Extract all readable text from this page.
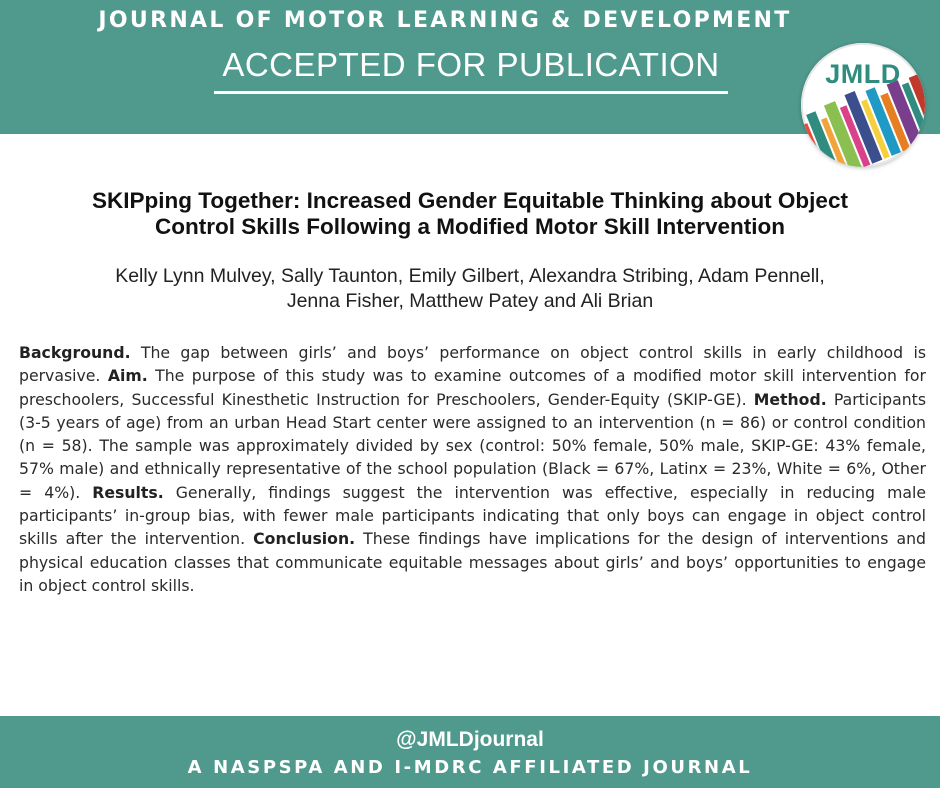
JOURNAL OF MOTOR LEARNING & DEVELOPMENT
ACCEPTED FOR PUBLICATION	JMLD
SKIPping Together: Increased Gender Equitable Thinking about Object
Control Skills Following a Modified Motor Skill Intervention
Kelly Lynn Mulvey, Sally Taunton, Emily Gilbert, Alexandra Stribing, Adam Pennell,
Jenna Fisher, Matthew Patey and Ali Brian
Background. The gap between girls’ and boys’ performance on object control skills in early childhood is pervasive. Aim. The purpose of this study was to examine outcomes of a modified motor skill intervention for preschoolers, Successful Kinesthetic Instruction for Preschoolers, Gender-Equity (SKIP-GE). Method. Participants (3-5 years of age) from an urban Head Start center were assigned to an intervention (n = 86) or control condition (n = 58). The sample was approximately divided by sex (control: 50% female, 50% male, SKIP-GE: 43% female, 57% male) and ethnically representative of the school population (Black = 67%, Latinx = 23%, White = 6%, Other = 4%). Results. Generally, findings suggest the intervention was effective, especially in reducing male participants’ in-group bias, with fewer male participants indicating that only boys can engage in object control skills after the intervention. Conclusion. These findings have implications for the design of interventions and physical education classes that communicate equitable messages about girls’ and boys’ opportunities to engage in object control skills.
@JMLDjournal
A NASPSPA AND I-MDRC AFFILIATED JOURNAL
